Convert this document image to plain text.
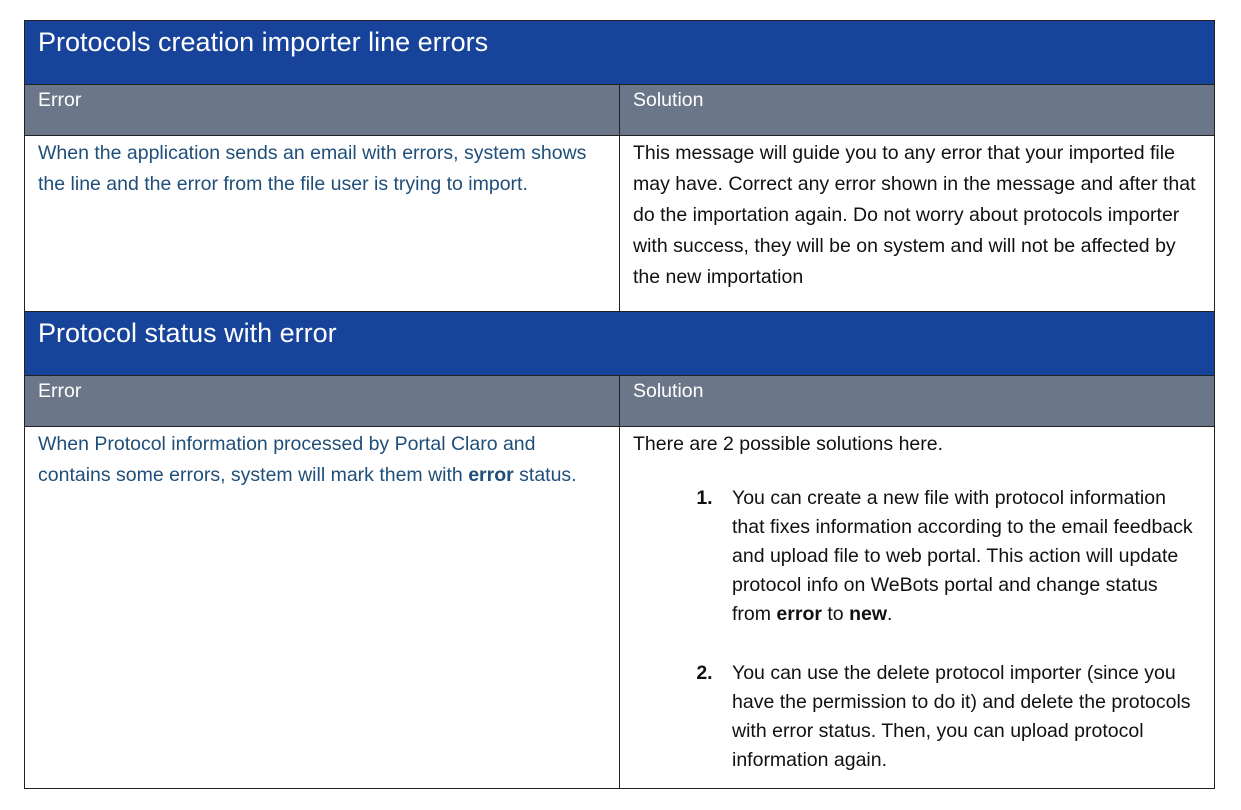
Protocols creation importer line errors
Error	Solution
When the application sends an email with errors, system shows the line and the error from the file user is trying to import.
This message will guide you to any error that your imported file may have. Correct any error shown in the message and after that do the importation again. Do not worry about protocols importer with success, they will be on system and will not be affected by the new importation
Protocol status with error
Error	Solution
When Protocol information processed by Portal Claro and contains some errors, system will mark them with error status.
There are 2 possible solutions here.
1. You can create a new file with protocol information that fixes information according to the email feedback and upload file to web portal. This action will update protocol info on WeBots portal and change status from error to new.
2. You can use the delete protocol importer (since you have the permission to do it) and delete the protocols with error status. Then, you can upload protocol information again.
